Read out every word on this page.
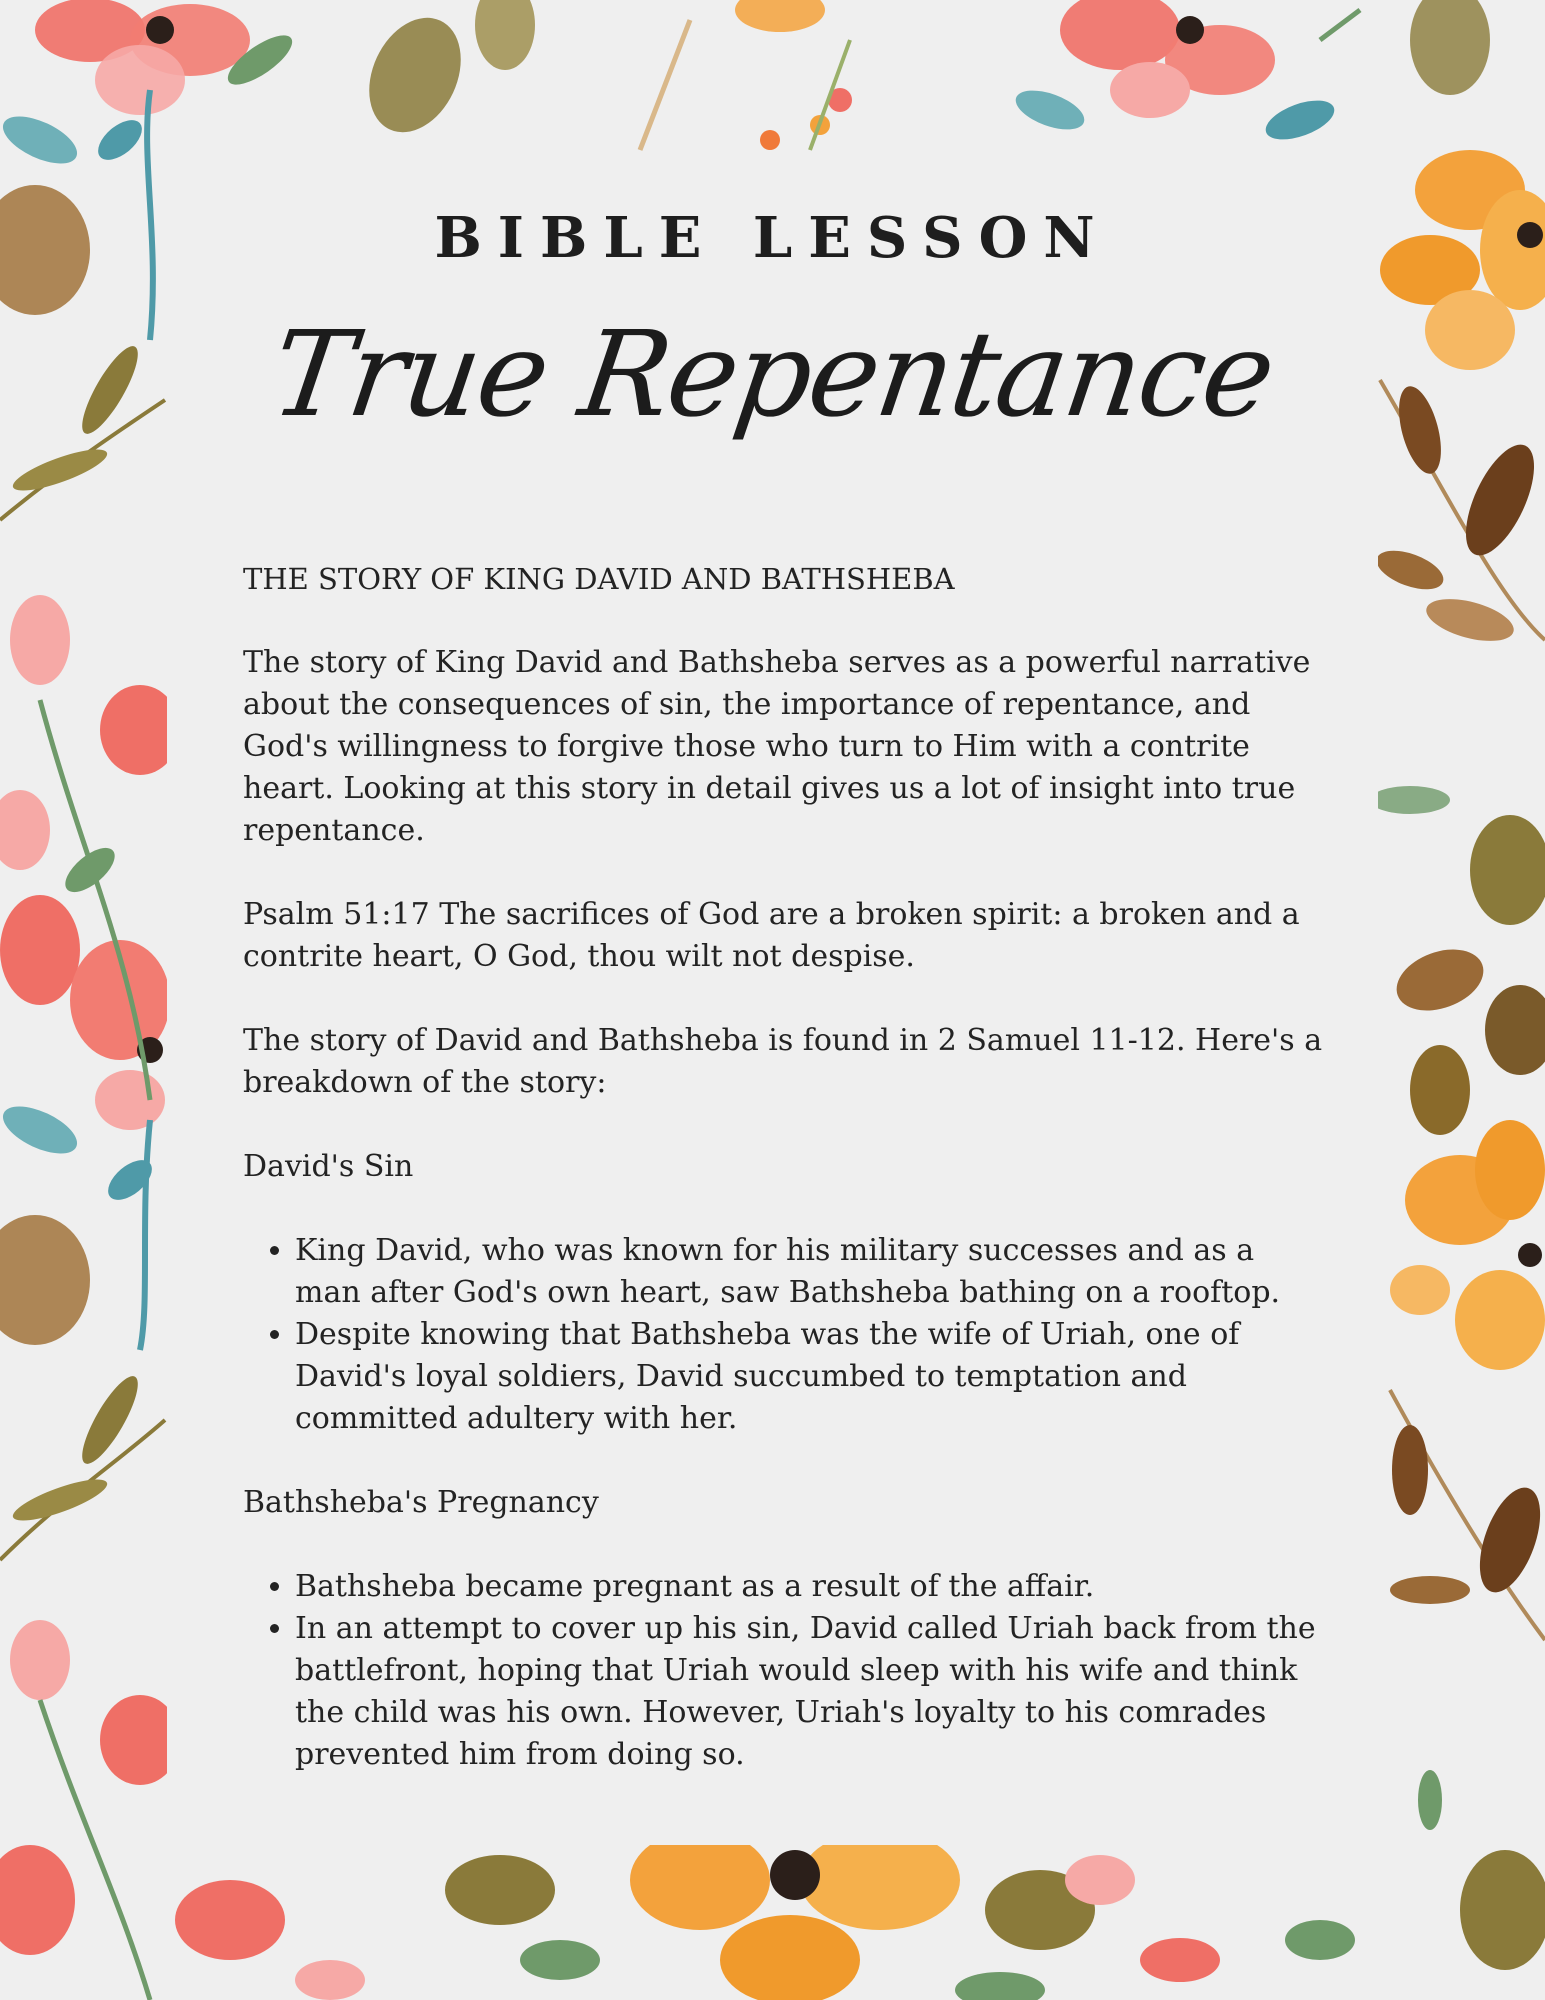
BIBLE LESSON
True Repentance

THE STORY OF KING DAVID AND BATHSHEBA

The story of King David and Bathsheba serves as a powerful narrative about the consequences of sin, the importance of repentance, and God's willingness to forgive those who turn to Him with a contrite heart. Looking at this story in detail gives us a lot of insight into true repentance.

Psalm 51:17 The sacrifices of God are a broken spirit: a broken and a contrite heart, O God, thou wilt not despise.

The story of David and Bathsheba is found in 2 Samuel 11-12. Here's a breakdown of the story:

David's Sin
• King David, who was known for his military successes and as a man after God's own heart, saw Bathsheba bathing on a rooftop.
• Despite knowing that Bathsheba was the wife of Uriah, one of David's loyal soldiers, David succumbed to temptation and committed adultery with her.
Bathsheba's Pregnancy
• Bathsheba became pregnant as a result of the affair.
• In an attempt to cover up his sin, David called Uriah back from the battlefront, hoping that Uriah would sleep with his wife and think the child was his own. However, Uriah's loyalty to his comrades prevented him from doing so.
